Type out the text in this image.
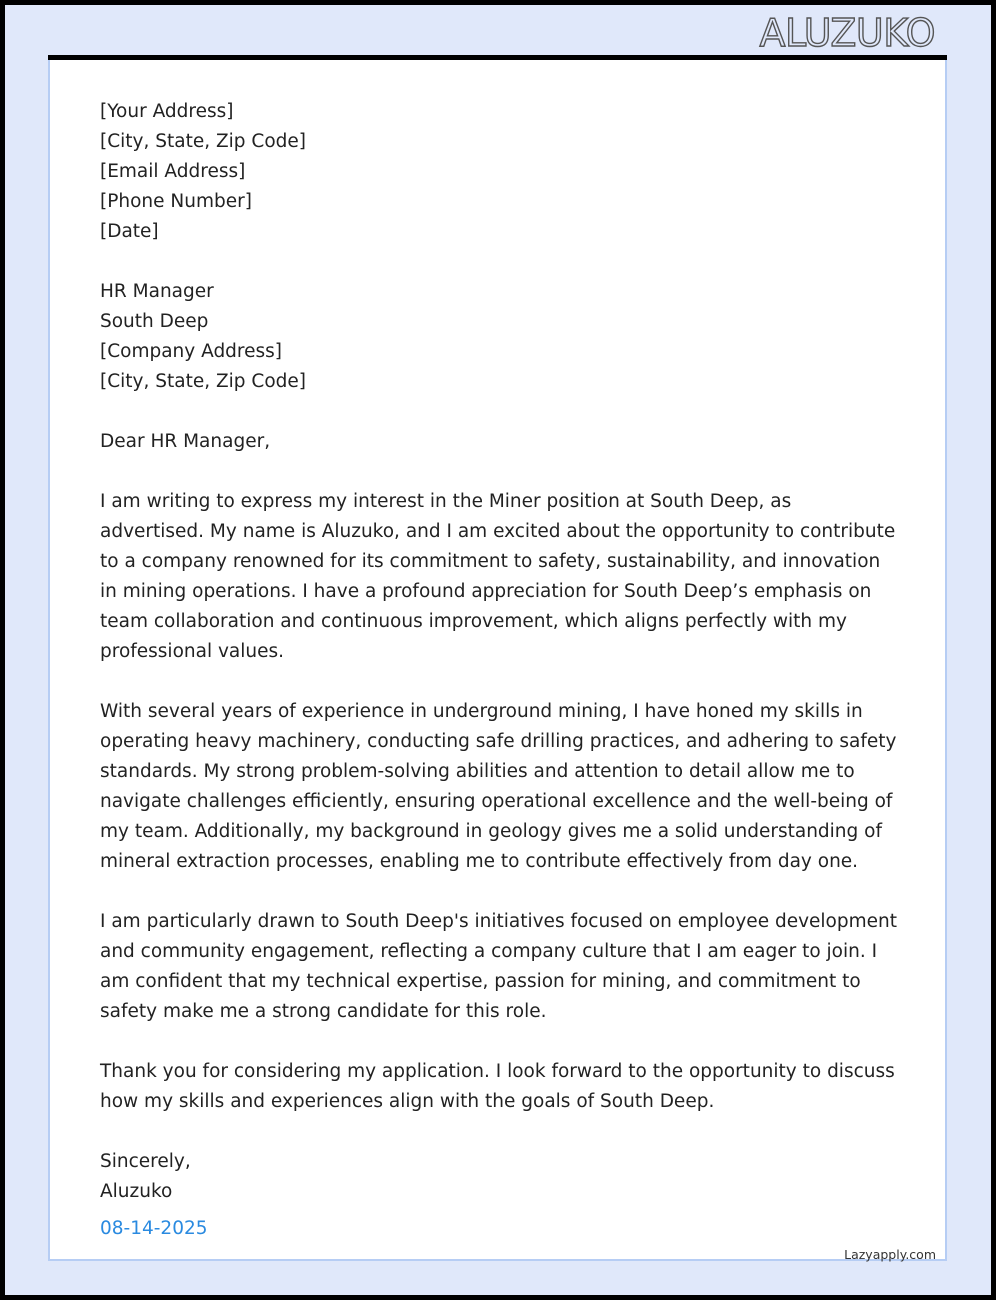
ALUZUKO

[Your Address]
[City, State, Zip Code]
[Email Address]
[Phone Number]
[Date]

HR Manager
South Deep
[Company Address]
[City, State, Zip Code]

Dear HR Manager,

I am writing to express my interest in the Miner position at South Deep, as advertised. My name is Aluzuko, and I am excited about the opportunity to contribute to a company renowned for its commitment to safety, sustainability, and innovation in mining operations. I have a profound appreciation for South Deep’s emphasis on team collaboration and continuous improvement, which aligns perfectly with my professional values.

With several years of experience in underground mining, I have honed my skills in operating heavy machinery, conducting safe drilling practices, and adhering to safety standards. My strong problem-solving abilities and attention to detail allow me to navigate challenges efficiently, ensuring operational excellence and the well-being of my team. Additionally, my background in geology gives me a solid understanding of mineral extraction processes, enabling me to contribute effectively from day one.

I am particularly drawn to South Deep's initiatives focused on employee development and community engagement, reflecting a company culture that I am eager to join. I am confident that my technical expertise, passion for mining, and commitment to safety make me a strong candidate for this role.

Thank you for considering my application. I look forward to the opportunity to discuss how my skills and experiences align with the goals of South Deep.

Sincerely,
Aluzuko

08-14-2025
Lazyapply.com
